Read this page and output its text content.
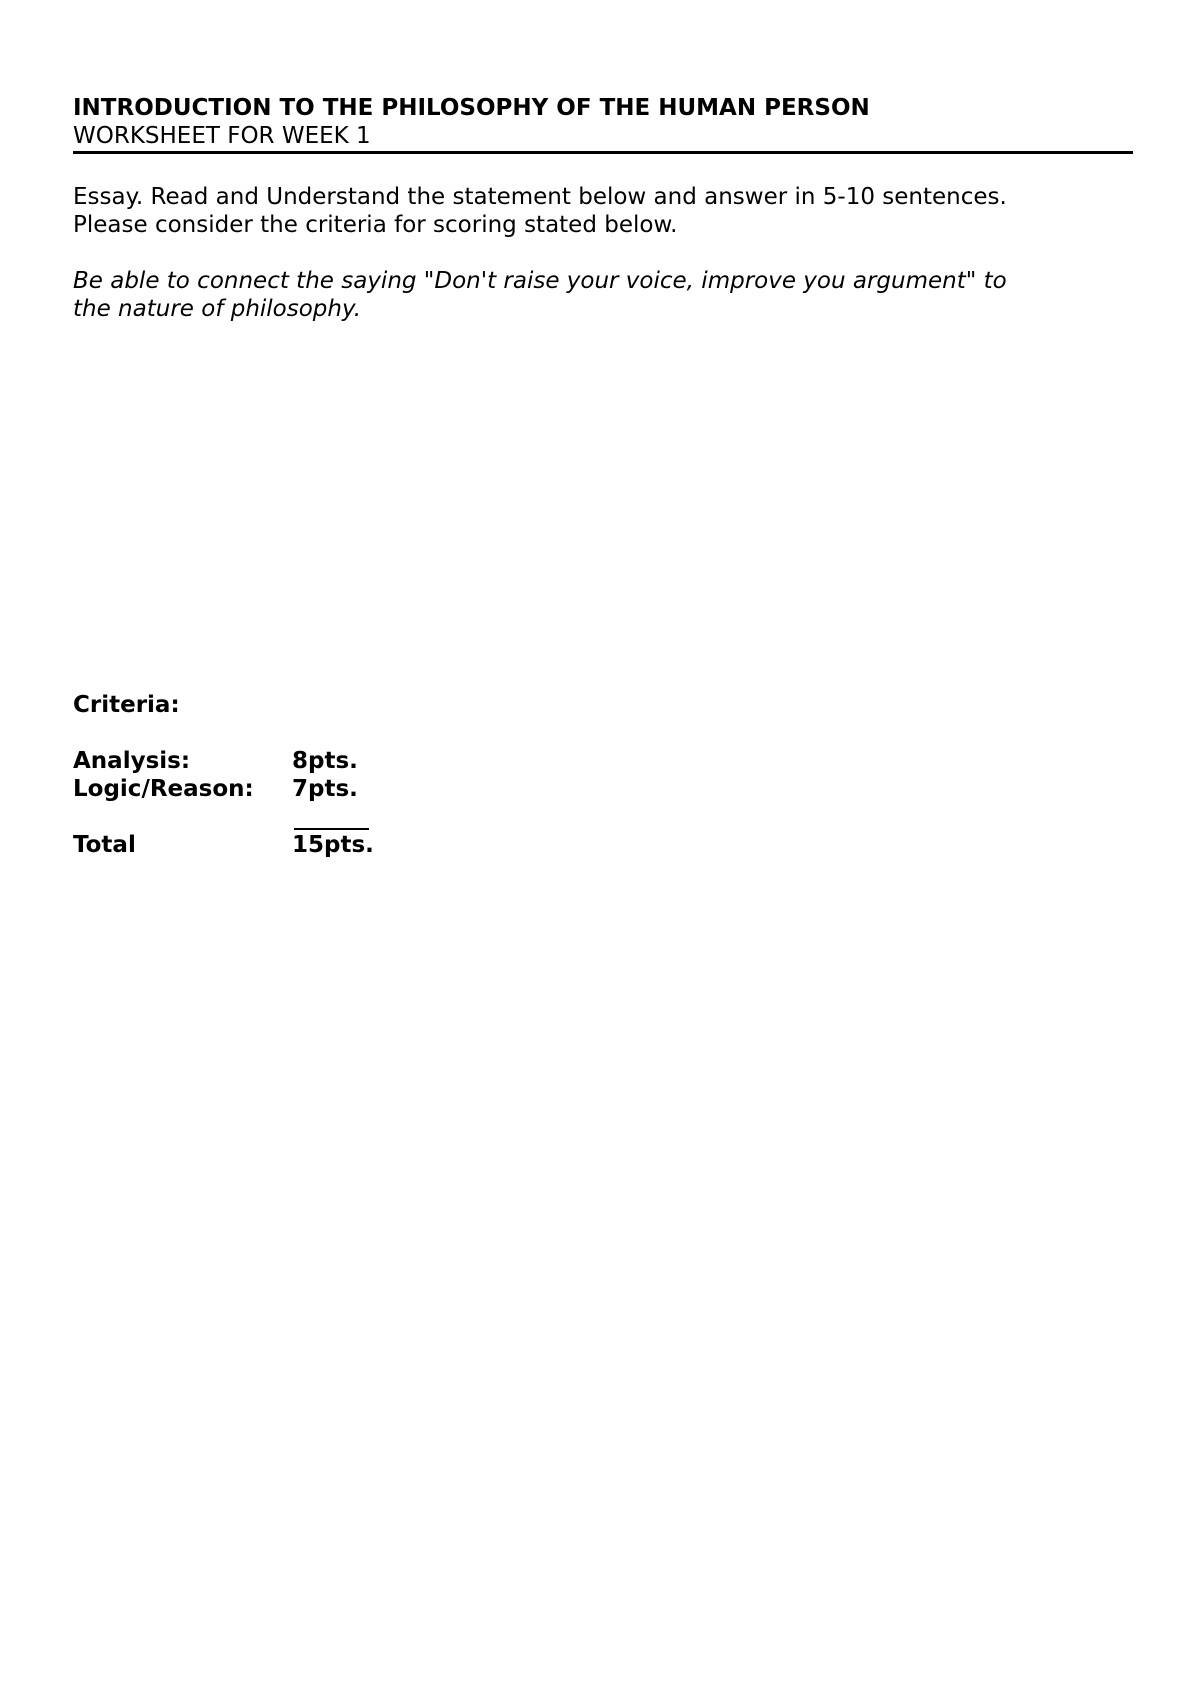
INTRODUCTION TO THE PHILOSOPHY OF THE HUMAN PERSON
WORKSHEET FOR WEEK 1
Essay. Read and Understand the statement below and answer in 5-10 sentences.
Please consider the criteria for scoring stated below.
Be able to connect the saying "Don't raise your voice, improve you argument" to
the nature of philosophy.
Criteria:
Analysis:	8pts.
Logic/Reason: 7pts.
Total	15pts.
